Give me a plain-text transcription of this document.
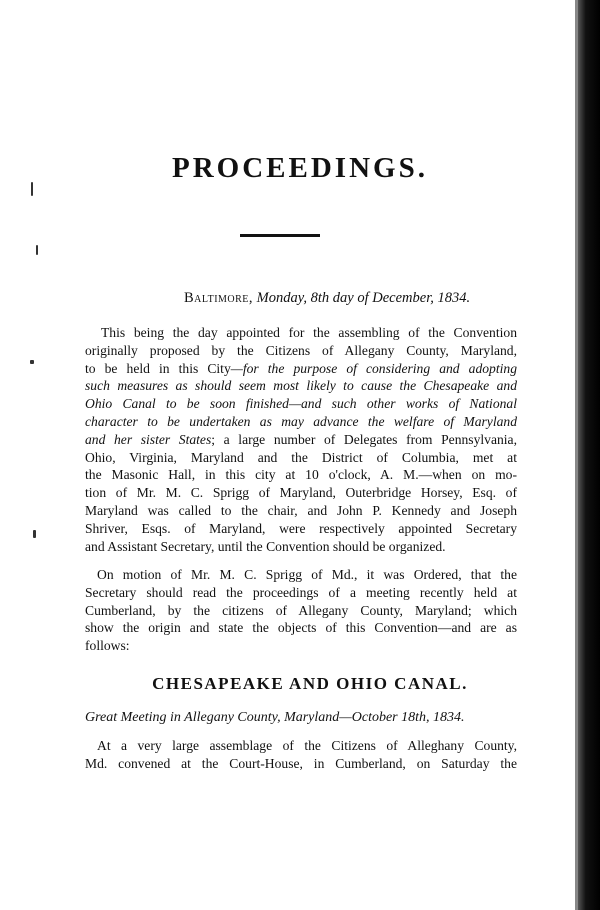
PROCEEDINGS.
Baltimore, Monday, 8th day of December, 1834.
This being the day appointed for the assembling of the Convention
originally proposed by the Citizens of Allegany County, Maryland,
to be held in this City—for the purpose of considering and adopting
such measures as should seem most likely to cause the Chesapeake and
Ohio Canal to be soon finished—and such other works of National
character to be undertaken as may advance the welfare of Maryland
and her sister States; a large number of Delegates from Pennsylvania,
Ohio, Virginia, Maryland and the District of Columbia, met at
the Masonic Hall, in this city at 10 o'clock, A. M.—when on mo-
tion of Mr. M. C. Sprigg of Maryland, Outerbridge Horsey, Esq. of
Maryland was called to the chair, and John P. Kennedy and Joseph
Shriver, Esqs. of Maryland, were respectively appointed Secretary
and Assistant Secretary, until the Convention should be organized.
On motion of Mr. M. C. Sprigg of Md., it was Ordered, that the
Secretary should read the proceedings of a meeting recently held at
Cumberland, by the citizens of Allegany County, Maryland; which
show the origin and state the objects of this Convention—and are as
follows:
CHESAPEAKE AND OHIO CANAL.
Great Meeting in Allegany County, Maryland—October 18th, 1834.
At a very large assemblage of the Citizens of Alleghany County,
Md. convened at the Court-House, in Cumberland, on Saturday the
